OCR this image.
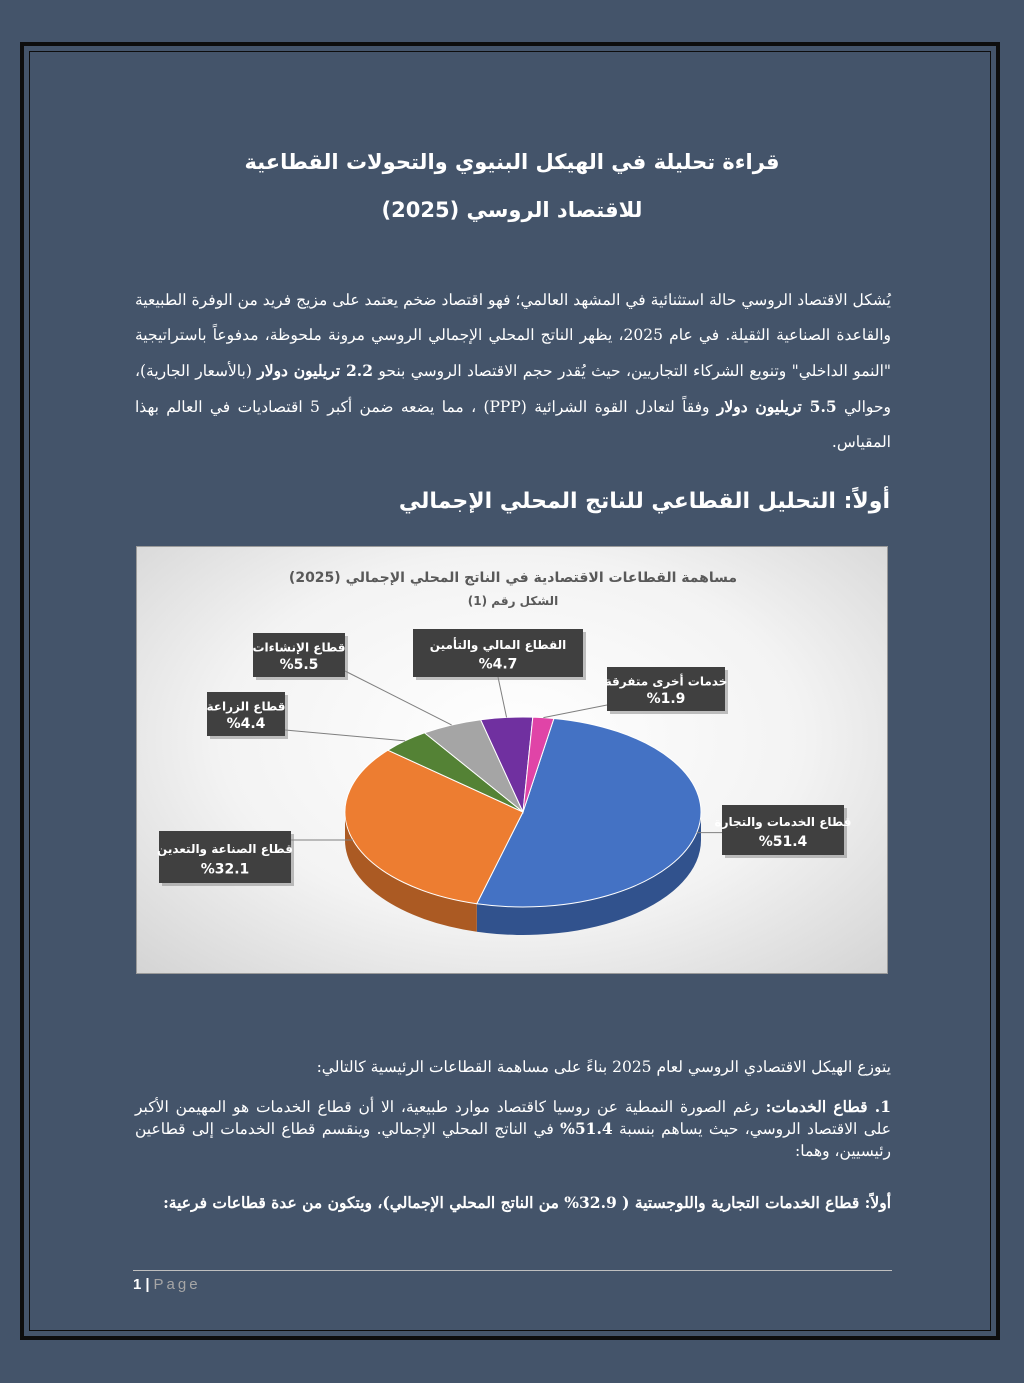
قراءة تحليلة في الهيكل البنيوي والتحولات القطاعية
للاقتصاد الروسي (2025)

يُشكل الاقتصاد الروسي حالة استثنائية في المشهد العالمي؛ فهو اقتصاد ضخم يعتمد على مزيج فريد من الوفرة الطبيعية والقاعدة الصناعية الثقيلة. في عام 2025، يظهر الناتج المحلي الإجمالي الروسي مرونة ملحوظة، مدفوعاً باستراتيجية "النمو الداخلي" وتنويع الشركاء التجاريين، حيث يُقدر حجم الاقتصاد الروسي بنحو 2.2 تريليون دولار (بالأسعار الجارية)، وحوالي 5.5 تريليون دولار وفقاً لتعادل القوة الشرائية (PPP) ، مما يضعه ضمن أكبر 5 اقتصاديات في العالم بهذا المقياس.

أولاً: التحليل القطاعي للناتج المحلي الإجمالي
مساهمة القطاعات الاقتصادية في الناتج المحلي الإجمالي (2025)
الشكل رقم (1)
قطاع الخدمات والتجارة
%51.4
قطاع الصناعة والتعدين
%32.1
قطاع الزراعة
%4.4
قطاع الإنشاءات
%5.5
القطاع المالي والتأمين
%4.7
خدمات أخرى متفرقة
%1.9

يتوزع الهيكل الاقتصادي الروسي لعام 2025 بناءً على مساهمة القطاعات الرئيسية كالتالي:

1. قطاع الخدمات: رغم الصورة النمطية عن روسيا كاقتصاد موارد طبيعية، الا أن قطاع الخدمات هو المهيمن الأكبر على الاقتصاد الروسي، حيث يساهم بنسبة 51.4% في الناتج المحلي الإجمالي. وينقسم قطاع الخدمات إلى قطاعين رئيسيين، وهما:

أولاً: قطاع الخدمات التجارية واللوجستية ( 32.9% من الناتج المحلي الإجمالي)، ويتكون من عدة قطاعات فرعية:

1 | Page
